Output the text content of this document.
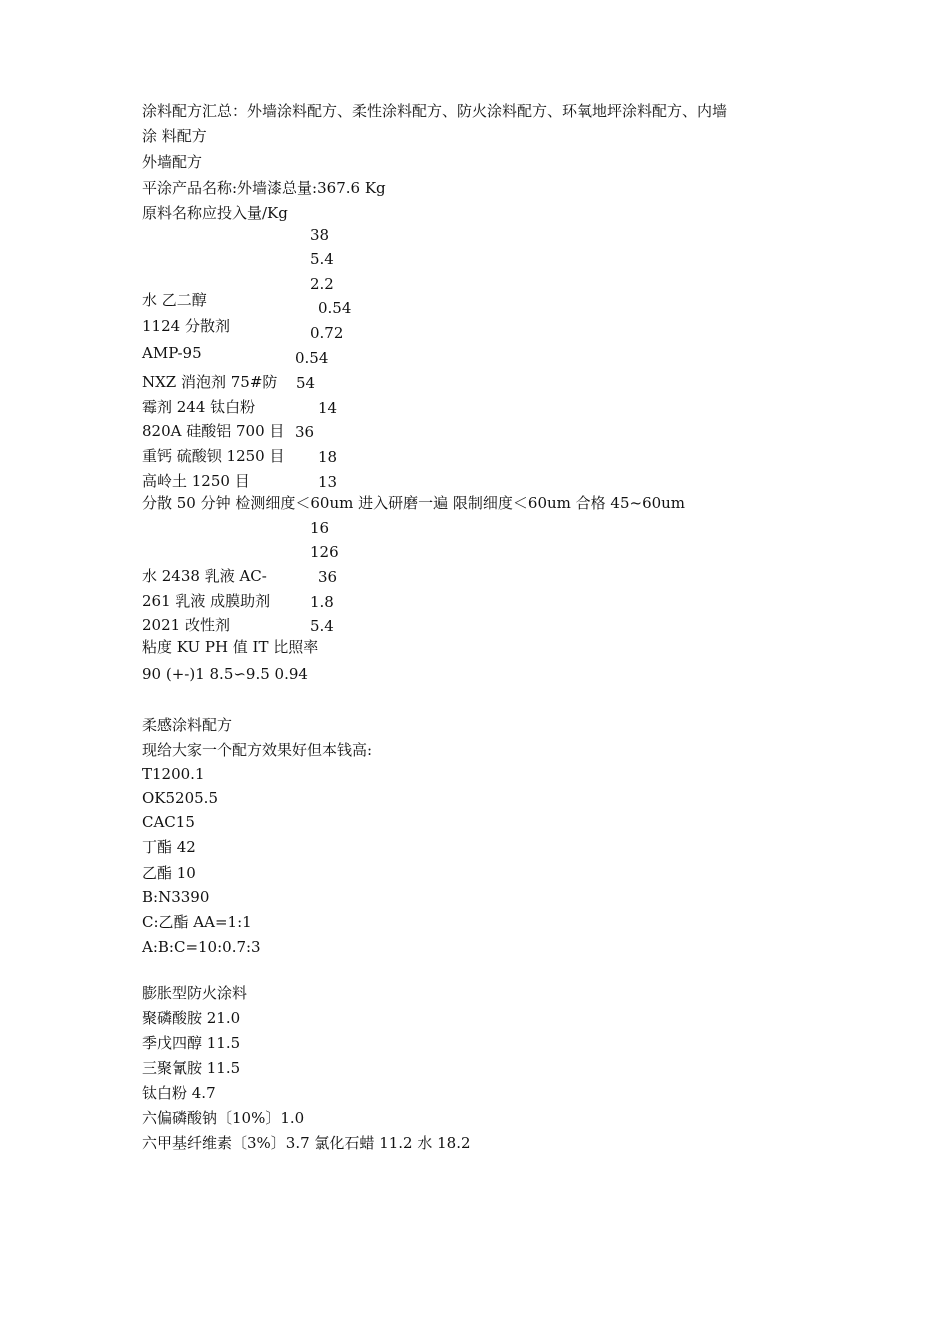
涂料配方汇总：外墙涂料配方、柔性涂料配方、防火涂料配方、环氧地坪涂料配方、内墙
涂 料配方
外墙配方
平涂产品名称:外墙漆总量:367.6 Kg
原料名称应投入量/Kg
38
5.4
2.2
0.54
0.72
0.54
54
14
36
18
13
水 乙二醇
1124 分散剂
AMP-95
NXZ 消泡剂 75#防
霉剂 244 钛白粉
820A 硅酸铝 700 目
重钙 硫酸钡 1250 目
高岭土 1250 目
分散 50 分钟 检测细度＜60um 进入研磨一遍 限制细度＜60um 合格 45~60um
16
126
36
1.8
5.4
水 2438 乳液 AC-
261 乳液 成膜助剂
2021 改性剂
粘度 KU PH 值 IT 比照率
90 (+-)1 8.5∽9.5 0.94
柔感涂料配方
现给大家一个配方效果好但本钱高:
T1200.1
OK5205.5
CAC15
丁酯 42
乙酯 10
B:N3390
C:乙酯 AA=1:1
A:B:C=10:0.7:3
膨胀型防火涂料
聚磷酸胺 21.0
季戊四醇 11.5
三聚氰胺 11.5
钛白粉 4.7
六偏磷酸钠〔10%〕1.0
六甲基纤维素〔3%〕3.7 氯化石蜡 11.2 水 18.2
